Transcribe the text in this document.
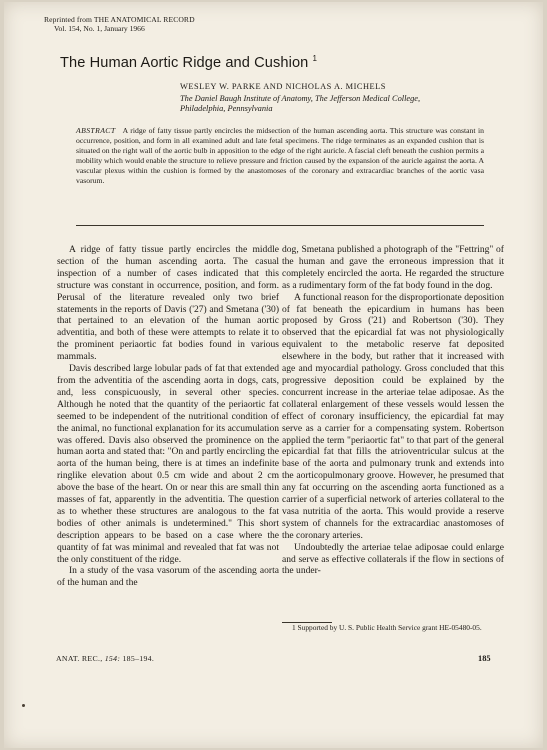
Reprinted from THE ANATOMICAL RECORD
Vol. 154, No. 1, January 1966
The Human Aortic Ridge and Cushion $^1$
WESLEY W. PARKE AND NICHOLAS A. MICHELS
The Daniel Baugh Institute of Anatomy, The Jefferson Medical College,
Philadelphia, Pennsylvania
ABSTRACT A ridge of fatty tissue partly encircles the midsection of the human ascending aorta. This structure was constant in occurrence, position, and form in all examined adult and late fetal specimens. The ridge terminates as an expanded cushion that is situated on the right wall of the aortic bulb in apposition to the edge of the right auricle. A fascial cleft beneath the cushion permits a mobility which would enable the structure to relieve pressure and friction caused by the expansion of the auricle against the aorta. A vascular plexus within the cushion is formed by the anastomoses of the coronary and extracardiac branches of the aortic vasa vasorum.

A ridge of fatty tissue partly encircles the middle section of the human ascending aorta. The casual inspection of a number of cases indicated that this structure was constant in occurrence, position, and form. Perusal of the literature revealed only two brief statements in the reports of Davis ('27) and Smetana ('30) that pertained to an elevation of the human aortic adventitia, and both of these were attempts to relate it to the prominent periaortic fat bodies found in various mammals.

Davis described large lobular pads of fat that extended from the adventitia of the ascending aorta in dogs, cats, and, less conspicuously, in several other species. Although he noted that the quantity of the periaortic fat seemed to be independent of the nutritional condition of the animal, no functional explanation for its accumulation was offered. Davis also observed the prominence on the human aorta and stated that: "On and partly encircling the aorta of the human being, there is at times an indefinite ringlike elevation about 0.5 cm wide and about 2 cm above the base of the heart. On or near this are small thin masses of fat, apparently in the adventitia. The question as to whether these structures are analogous to the fat bodies of other animals is undetermined." This short description appears to be based on a case where the quantity of fat was minimal and revealed that fat was not the only constituent of the ridge.

In a study of the vasa vasorum of the ascending aorta of the human and the

dog, Smetana published a photograph of the "Fettring" of the human and gave the erroneous impression that it completely encircled the aorta. He regarded the structure as a rudimentary form of the fat body found in the dog.

A functional reason for the disproportionate deposition of fat beneath the epicardium in humans has been proposed by Gross ('21) and Robertson ('30). They observed that the epicardial fat was not physiologically equivalent to the metabolic reserve fat deposited elsewhere in the body, but rather that it increased with age and myocardial pathology. Gross concluded that this progressive deposition could be explained by the concurrent increase in the arteriae telae adiposae. As the collateral enlargement of these vessels would lessen the effect of coronary insufficiency, the epicardial fat may serve as a carrier for a compensating system. Robertson applied the term "periaortic fat" to that part of the general epicardial fat that fills the atrioventricular sulcus at the base of the aorta and pulmonary trunk and extends into the aorticopulmonary groove. However, he presumed that any fat occurring on the ascending aorta functioned as a carrier of a superficial network of arteries collateral to the vasa nutritia of the aorta. This would provide a reserve system of channels for the extracardiac anastomoses of the coronary arteries.

Undoubtedly the arteriae telae adiposae could enlarge and serve as effective collaterals if the flow in sections of the under-

1 Supported by U. S. Public Health Service grant HE-05480-05.
ANAT. REC., 154: 185–194.	185
